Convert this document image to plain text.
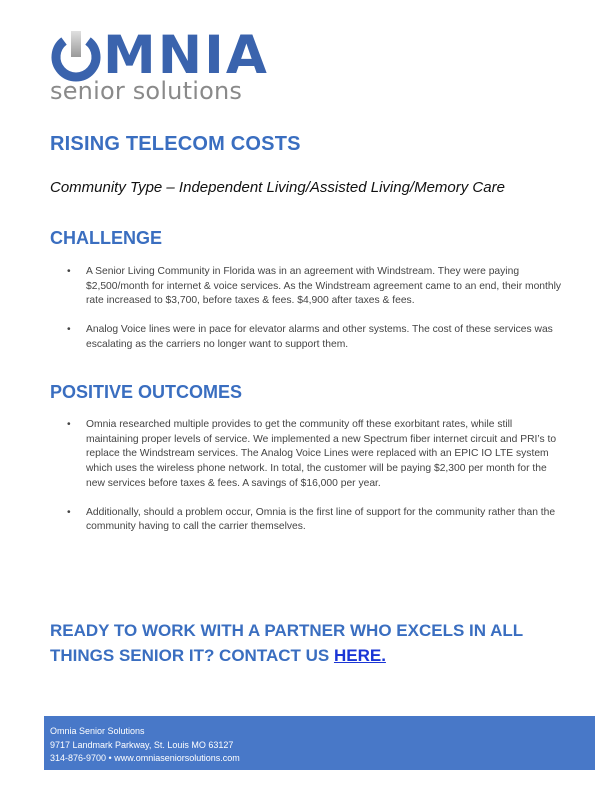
MNIA
senior solutions
RISING TELECOM COSTS

Community Type – Independent Living/Assisted Living/Memory Care

CHALLENGE
• A Senior Living Community in Florida was in an agreement with Windstream. They were paying $2,500/month for internet & voice services. As the Windstream agreement came to an end, their monthly rate increased to $3,700, before taxes & fees. $4,900 after taxes & fees.
• Analog Voice lines were in pace for elevator alarms and other systems. The cost of these services was escalating as the carriers no longer want to support them.
POSITIVE OUTCOMES
• Omnia researched multiple provides to get the community off these exorbitant rates, while still maintaining proper levels of service. We implemented a new Spectrum fiber internet circuit and PRI’s to replace the Windstream services. The Analog Voice Lines were replaced with an EPIC IO LTE system which uses the wireless phone network. In total, the customer will be paying $2,300 per month for the new services before taxes & fees. A savings of $16,000 per year.
• Additionally, should a problem occur, Omnia is the first line of support for the community rather than the community having to call the carrier themselves.

READY TO WORK WITH A PARTNER WHO EXCELS IN ALL THINGS SENIOR IT? CONTACT US HERE.

Omnia Senior Solutions
9717 Landmark Parkway, St. Louis MO 63127
314-876-9700 • www.omniaseniorsolutions.com
